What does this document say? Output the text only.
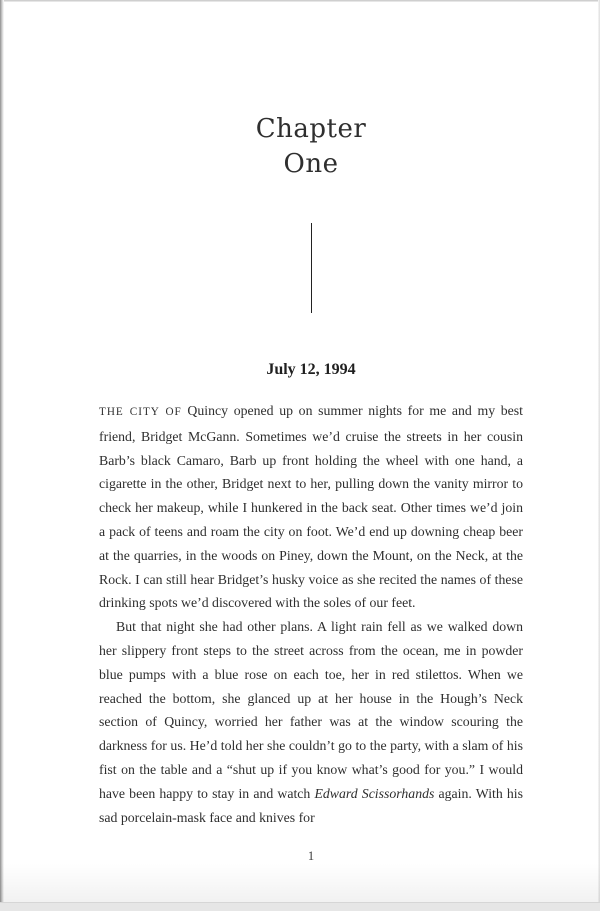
Chapter
One
July 12, 1994

THE CITY OF Quincy opened up on summer nights for me and my best friend, Bridget McGann. Sometimes we’d cruise the streets in her cousin Barb’s black Camaro, Barb up front holding the wheel with one hand, a cigarette in the other, Bridget next to her, pulling down the vanity mirror to check her makeup, while I hunkered in the back seat. Other times we’d join a pack of teens and roam the city on foot. We’d end up downing cheap beer at the quarries, in the woods on Piney, down the Mount, on the Neck, at the Rock. I can still hear Bridget’s husky voice as she recited the names of these drinking spots we’d discovered with the soles of our feet.

But that night she had other plans. A light rain fell as we walked down her slippery front steps to the street across from the ocean, me in powder blue pumps with a blue rose on each toe, her in red stilettos. When we reached the bottom, she glanced up at her house in the Hough’s Neck section of Quincy, worried her father was at the window scouring the darkness for us. He’d told her she couldn’t go to the party, with a slam of his fist on the table and a “shut up if you know what’s good for you.” I would have been happy to stay in and watch Edward Scissorhands again. With his sad porcelain-mask face and knives for

1
